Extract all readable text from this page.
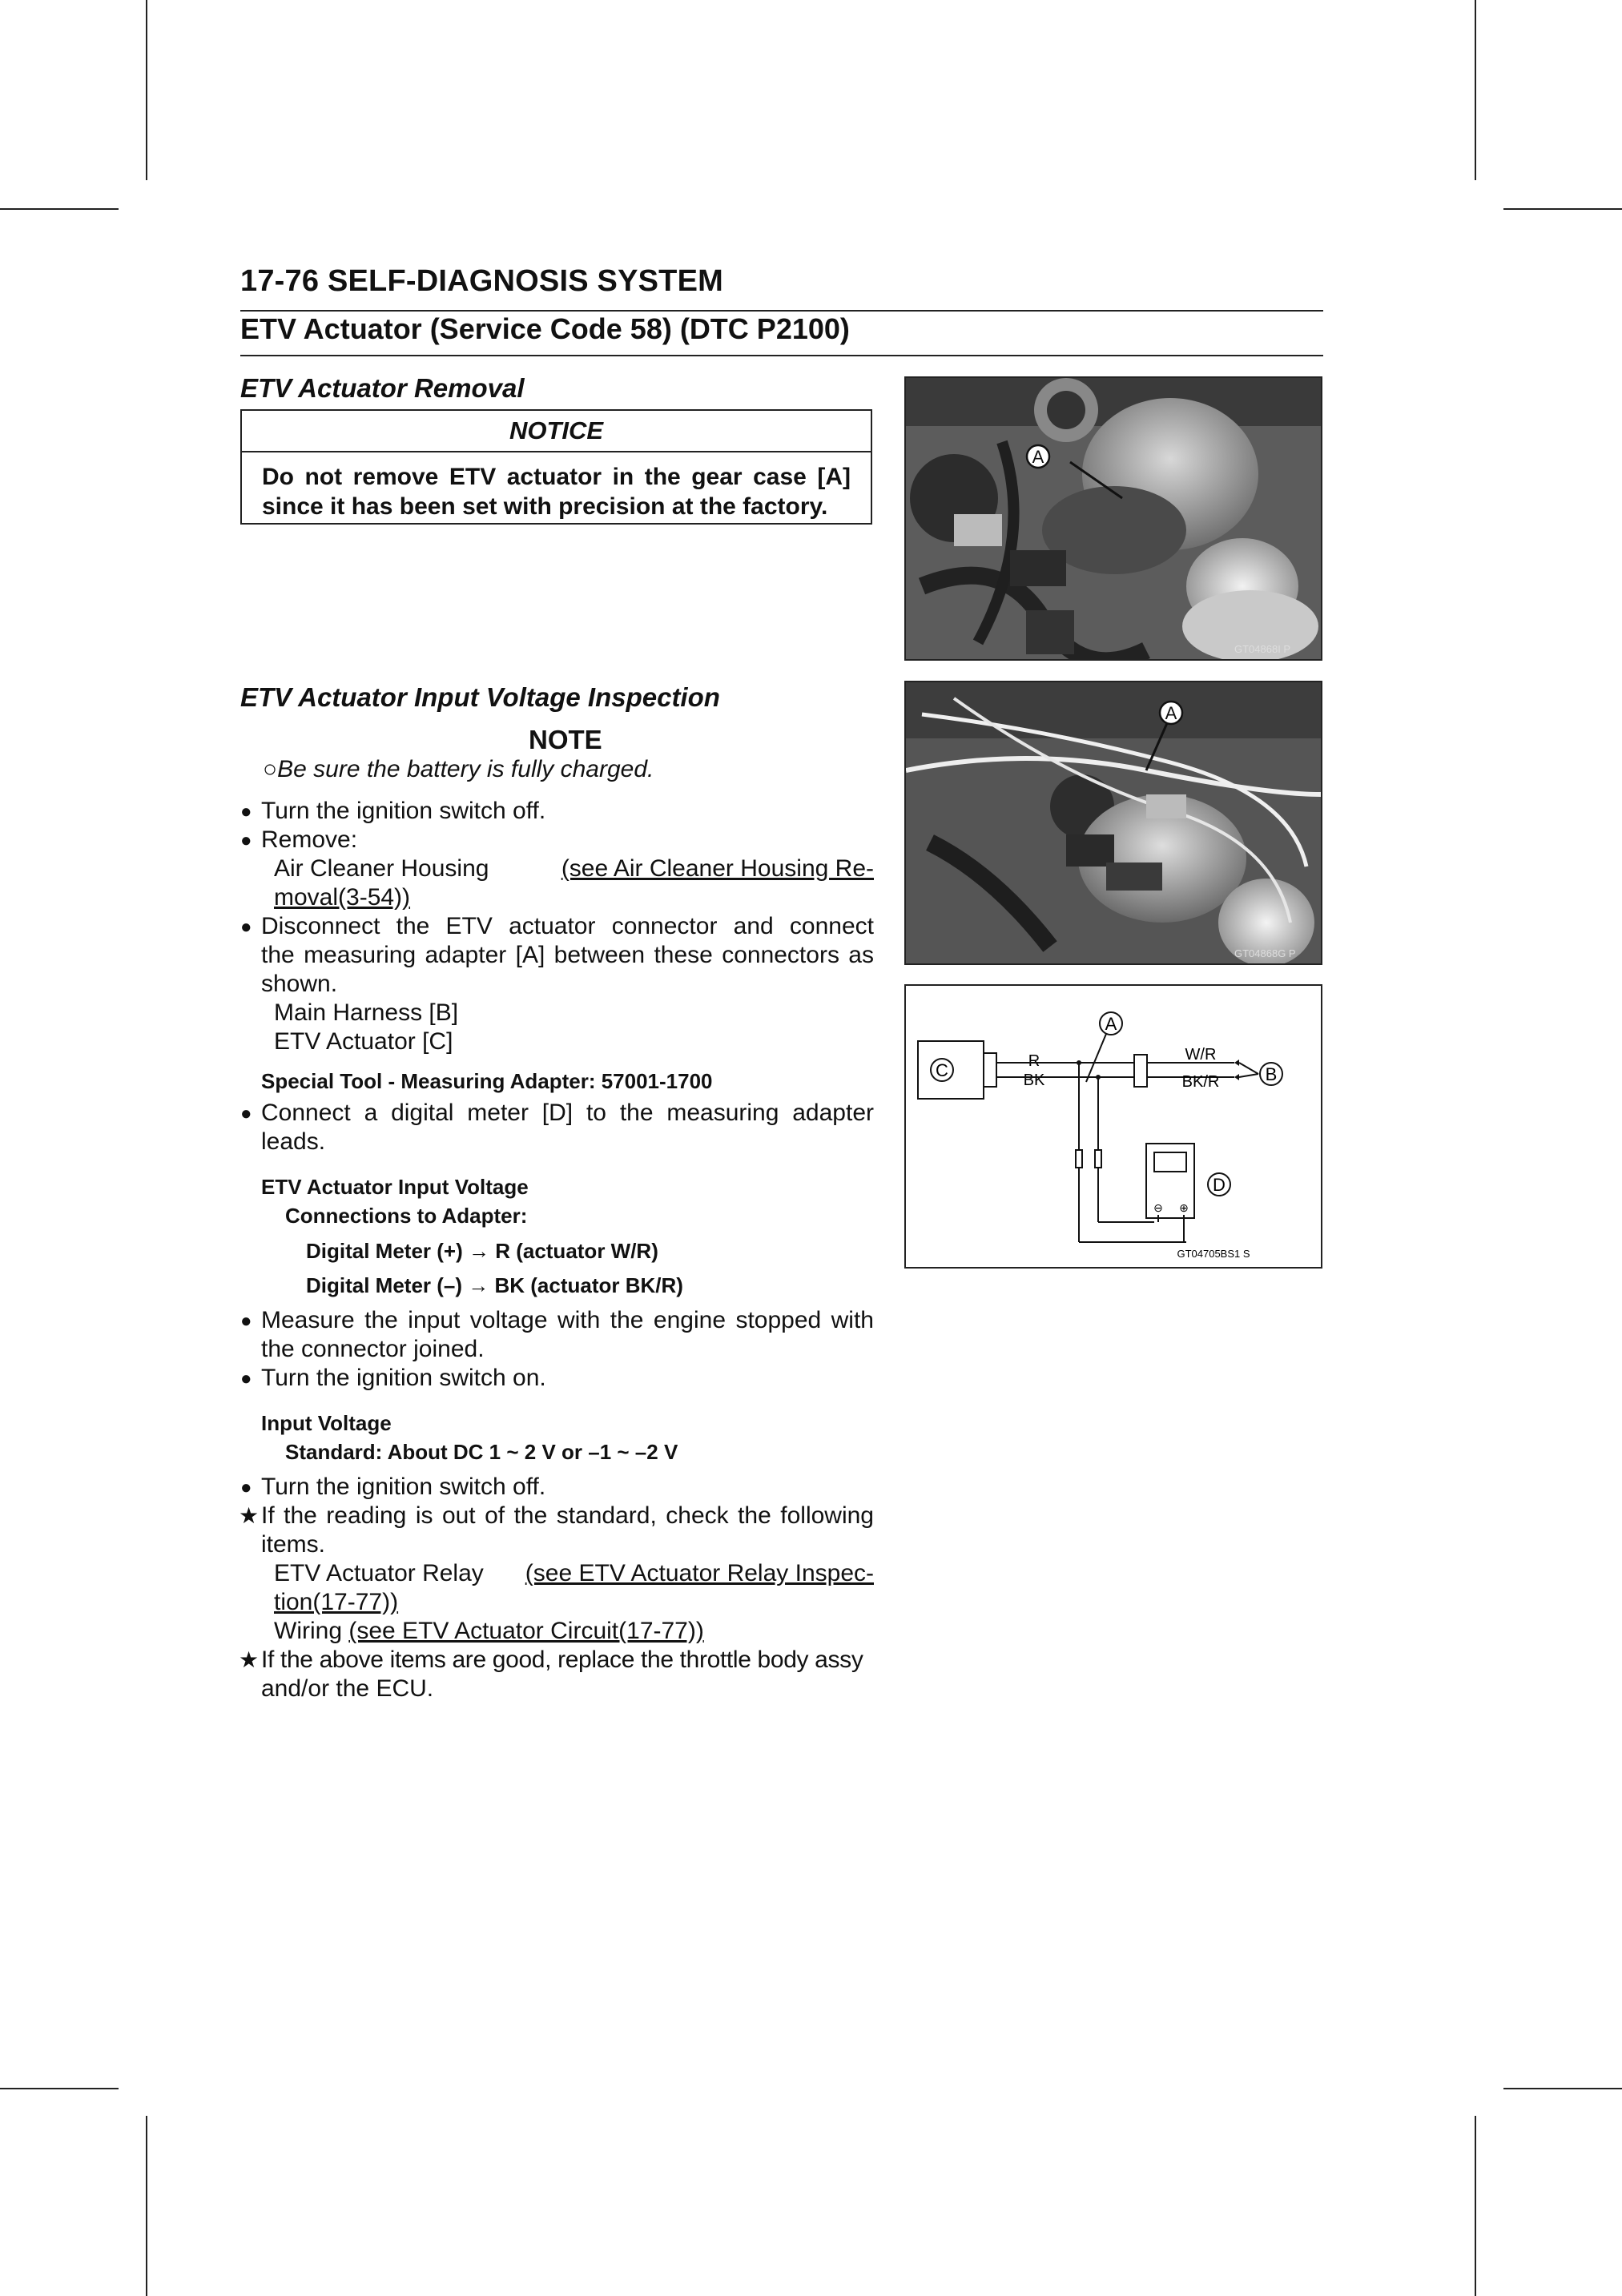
17-76 SELF-DIAGNOSIS SYSTEM
ETV Actuator (Service Code 58) (DTC P2100)
ETV Actuator Removal
NOTICE
Do not remove ETV actuator in the gear case [A]
since it has been set with precision at the factory.
ETV Actuator Input Voltage Inspection
NOTE
○Be sure the battery is fully charged.
● Turn the ignition switch off.
● Remove:
Air Cleaner Housing	(see Air Cleaner Housing Re-
moval(3-54))
● Disconnect the ETV actuator connector and connect
the measuring adapter [A] between these connectors as
shown.
Main Harness [B]
ETV Actuator [C]
Special Tool - Measuring Adapter: 57001-1700
● Connect a digital meter [D] to the measuring adapter
leads.
ETV Actuator Input Voltage
Connections to Adapter:
Digital Meter (+) → R (actuator W/R)
Digital Meter (–) → BK (actuator BK/R)
● Measure the input voltage with the engine stopped with
the connector joined.
● Turn the ignition switch on.
Input Voltage
Standard: About DC 1 ~ 2 V or –1 ~ –2 V
● Turn the ignition switch off.
★ If the reading is out of the standard, check the following
items.
ETV Actuator Relay (see ETV Actuator Relay Inspec-
tion(17-77))
Wiring (see ETV Actuator Circuit(17-77))
★ If the above items are good, replace the throttle body assy
and/or the ECU.
A
GT04868I P
A
GT04868G P
C	R
BK
W/R
BK/R	B
A
⊖ ⊕
D
GT04705BS1 S
